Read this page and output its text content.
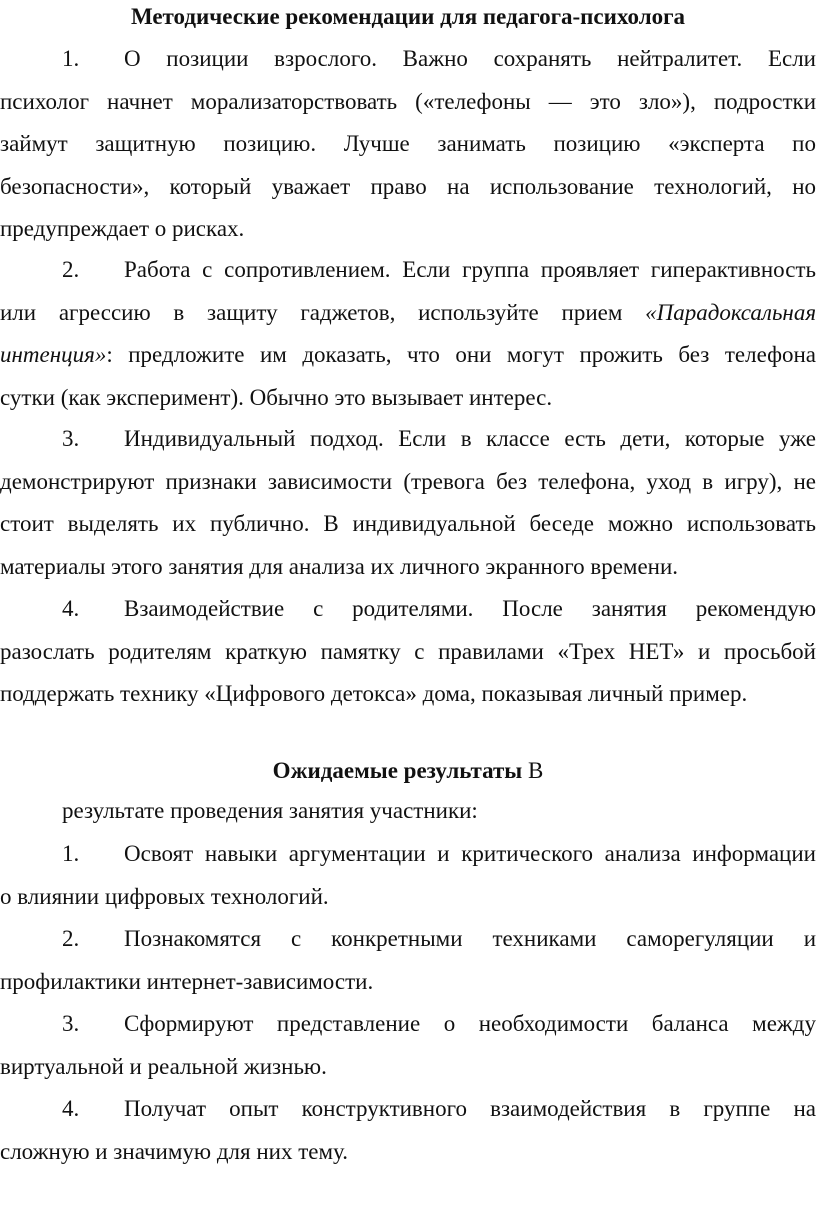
Методические рекомендации для педагога-психолога
1. О позиции взрослого. Важно сохранять нейтралитет. Если
психолог начнет морализаторствовать («телефоны — это зло»), подростки
займут защитную позицию. Лучше занимать позицию «эксперта по
безопасности», который уважает право на использование технологий, но
предупреждает о рисках.
2. Работа с сопротивлением. Если группа проявляет гиперактивность
или агрессию в защиту гаджетов, используйте прием «Парадоксальная
интенция»: предложите им доказать, что они могут прожить без телефона
сутки (как эксперимент). Обычно это вызывает интерес.
3. Индивидуальный подход. Если в классе есть дети, которые уже
демонстрируют признаки зависимости (тревога без телефона, уход в игру), не
стоит выделять их публично. В индивидуальной беседе можно использовать
материалы этого занятия для анализа их личного экранного времени.
4. Взаимодействие с родителями. После занятия рекомендую
разослать родителям краткую памятку с правилами «Трех НЕТ» и просьбой
поддержать технику «Цифрового детокса» дома, показывая личный пример.
Ожидаемые результаты В
результате проведения занятия участники:
1. Освоят навыки аргументации и критического анализа информации
о влиянии цифровых технологий.
2. Познакомятся с конкретными техниками саморегуляции и
профилактики интернет-зависимости.
3. Сформируют представление о необходимости баланса между
виртуальной и реальной жизнью.
4. Получат опыт конструктивного взаимодействия в группе на
сложную и значимую для них тему.
